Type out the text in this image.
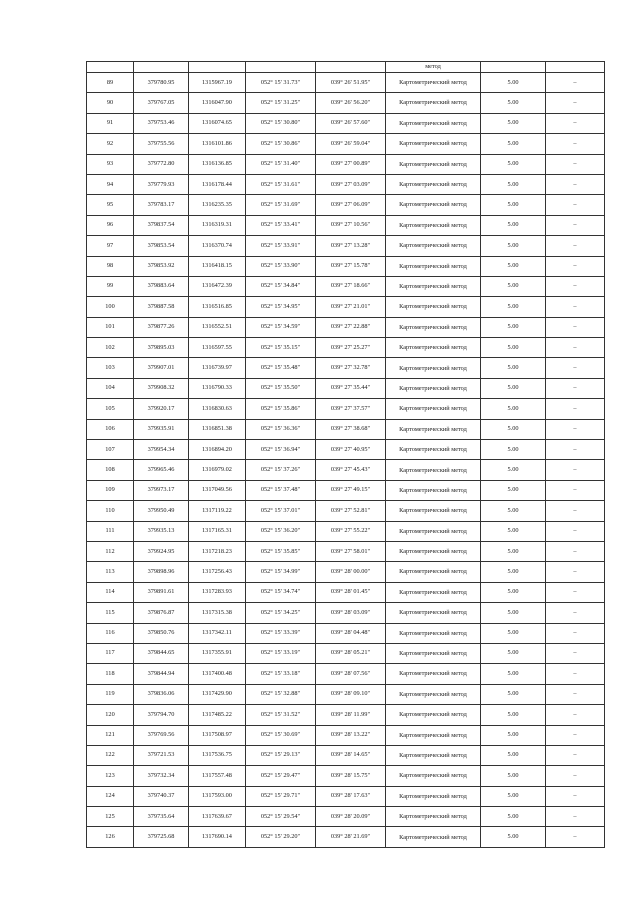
					метод		
89	379780.95	1315967.19	052° 15' 31.73"	039° 26' 51.95"	Картометрический метод	5.00	–
90	379767.05	1316047.90	052° 15' 31.25"	039° 26' 56.20"	Картометрический метод	5.00	–
91	379753.46	1316074.65	052° 15' 30.80"	039° 26' 57.60"	Картометрический метод	5.00	–
92	379755.56	1316101.86	052° 15' 30.86"	039° 26' 59.04"	Картометрический метод	5.00	–
93	379772.80	1316136.85	052° 15' 31.40"	039° 27' 00.89"	Картометрический метод	5.00	–
94	379779.93	1316178.44	052° 15' 31.61"	039° 27' 03.09"	Картометрический метод	5.00	–
95	379783.17	1316235.35	052° 15' 31.69"	039° 27' 06.09"	Картометрический метод	5.00	–
96	379837.54	1316319.31	052° 15' 33.41"	039° 27' 10.56"	Картометрический метод	5.00	–
97	379853.54	1316370.74	052° 15' 33.91"	039° 27' 13.28"	Картометрический метод	5.00	–
98	379853.92	1316418.15	052° 15' 33.90"	039° 27' 15.78"	Картометрический метод	5.00	–
99	379883.64	1316472.39	052° 15' 34.84"	039° 27' 18.66"	Картометрический метод	5.00	–
100	379887.58	1316516.85	052° 15' 34.95"	039° 27' 21.01"	Картометрический метод	5.00	–
101	379877.26	1316552.51	052° 15' 34.59"	039° 27' 22.88"	Картометрический метод	5.00	–
102	379895.03	1316597.55	052° 15' 35.15"	039° 27' 25.27"	Картометрический метод	5.00	–
103	379907.01	1316739.97	052° 15' 35.48"	039° 27' 32.78"	Картометрический метод	5.00	–
104	379908.32	1316790.33	052° 15' 35.50"	039° 27' 35.44"	Картометрический метод	5.00	–
105	379920.17	1316830.63	052° 15' 35.86"	039° 27' 37.57"	Картометрический метод	5.00	–
106	379935.91	1316851.38	052° 15' 36.36"	039° 27' 38.68"	Картометрический метод	5.00	–
107	379954.34	1316894.20	052° 15' 36.94"	039° 27' 40.95"	Картометрический метод	5.00	–
108	379965.46	1316979.02	052° 15' 37.26"	039° 27' 45.43"	Картометрический метод	5.00	–
109	379973.17	1317049.56	052° 15' 37.48"	039° 27' 49.15"	Картометрический метод	5.00	–
110	379950.49	1317119.22	052° 15' 37.01"	039° 27' 52.81"	Картометрический метод	5.00	–
111	379935.13	1317165.31	052° 15' 36.20"	039° 27' 55.22"	Картометрический метод	5.00	–
112	379924.95	1317218.23	052° 15' 35.85"	039° 27' 58.01"	Картометрический метод	5.00	–
113	379898.96	1317256.43	052° 15' 34.99"	039° 28' 00.00"	Картометрический метод	5.00	–
114	379891.61	1317283.93	052° 15' 34.74"	039° 28' 01.45"	Картометрический метод	5.00	–
115	379876.87	1317315.38	052° 15' 34.25"	039° 28' 03.09"	Картометрический метод	5.00	–
116	379850.76	1317342.11	052° 15' 33.39"	039° 28' 04.48"	Картометрический метод	5.00	–
117	379844.65	1317355.91	052° 15' 33.19"	039° 28' 05.21"	Картометрический метод	5.00	–
118	379844.94	1317400.48	052° 15' 33.18"	039° 28' 07.56"	Картометрический метод	5.00	–
119	379836.06	1317429.90	052° 15' 32.88"	039° 28' 09.10"	Картометрический метод	5.00	–
120	379794.70	1317485.22	052° 15' 31.52"	039° 28' 11.99"	Картометрический метод	5.00	–
121	379769.56	1317508.97	052° 15' 30.69"	039° 28' 13.22"	Картометрический метод	5.00	–
122	379721.53	1317536.75	052° 15' 29.13"	039° 28' 14.65"	Картометрический метод	5.00	–
123	379732.34	1317557.48	052° 15' 29.47"	039° 28' 15.75"	Картометрический метод	5.00	–
124	379740.37	1317593.00	052° 15' 29.71"	039° 28' 17.63"	Картометрический метод	5.00	–
125	379735.64	1317639.67	052° 15' 29.54"	039° 28' 20.09"	Картометрический метод	5.00	–
126	379725.68	1317690.14	052° 15' 29.20"	039° 28' 21.69"	Картометрический метод	5.00	–
